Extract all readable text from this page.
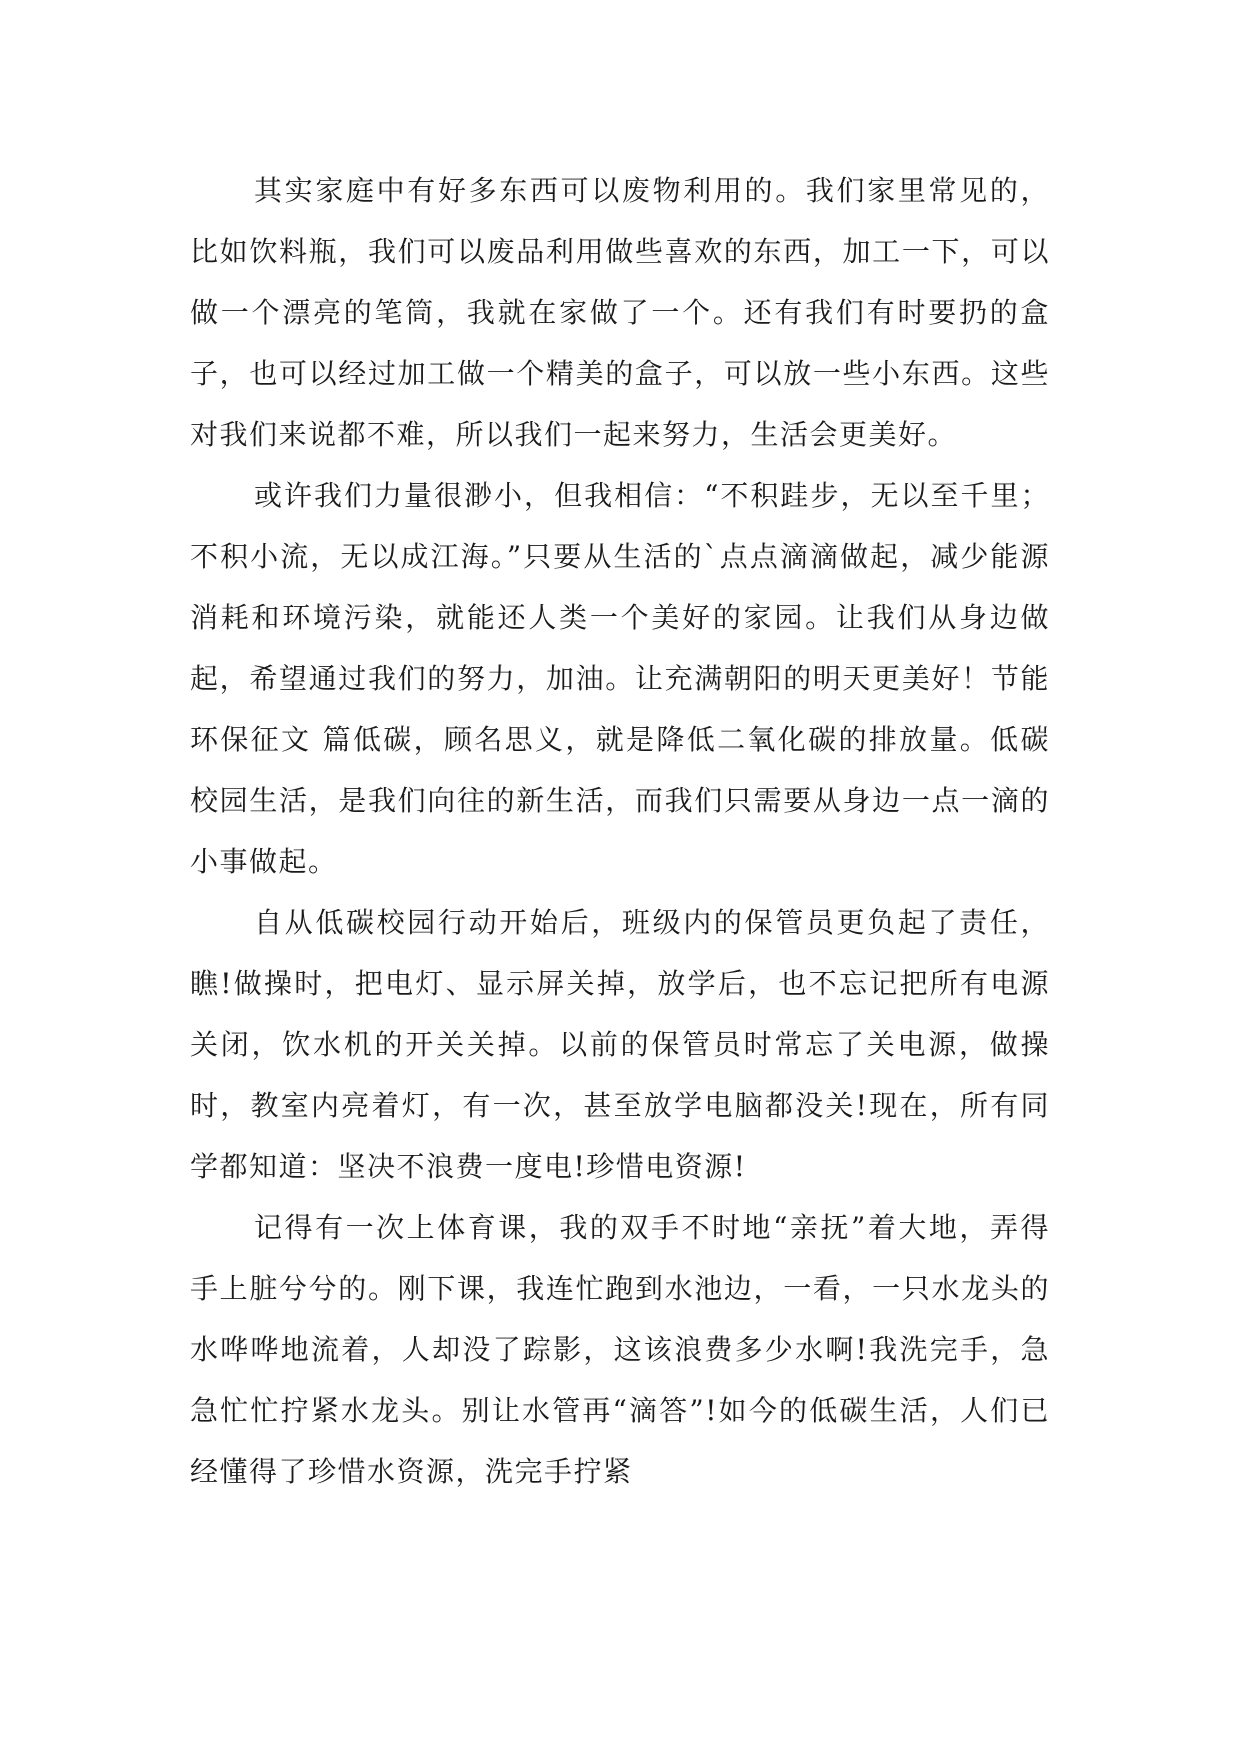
其实家庭中有好多东西可以废物利用的。我们家里常见的，比如饮料瓶，我们可以废品利用做些喜欢的东西，加工一下，可以做一个漂亮的笔筒，我就在家做了一个。还有我们有时要扔的盒子，也可以经过加工做一个精美的盒子，可以放一些小东西。这些对我们来说都不难，所以我们一起来努力，生活会更美好。

或许我们力量很渺小，但我相信：“不积跬步，无以至千里；不积小流，无以成江海。”只要从生活的`点点滴滴做起，减少能源消耗和环境污染，就能还人类一个美好的家园。让我们从身边做起，希望通过我们的努力，加油。让充满朝阳的明天更美好！节能环保征文 篇低碳，顾名思义，就是降低二氧化碳的排放量。低碳校园生活，是我们向往的新生活，而我们只需要从身边一点一滴的小事做起。

自从低碳校园行动开始后，班级内的保管员更负起了责任，瞧!做操时，把电灯、显示屏关掉，放学后，也不忘记把所有电源关闭，饮水机的开关关掉。以前的保管员时常忘了关电源，做操时，教室内亮着灯，有一次，甚至放学电脑都没关!现在，所有同学都知道：坚决不浪费一度电!珍惜电资源!

记得有一次上体育课，我的双手不时地“亲抚”着大地，弄得手上脏兮兮的。刚下课，我连忙跑到水池边，一看，一只水龙头的水哗哗地流着，人却没了踪影，这该浪费多少水啊!我洗完手，急急忙忙拧紧水龙头。别让水管再“滴答”!如今的低碳生活，人们已经懂得了珍惜水资源，洗完手拧紧
